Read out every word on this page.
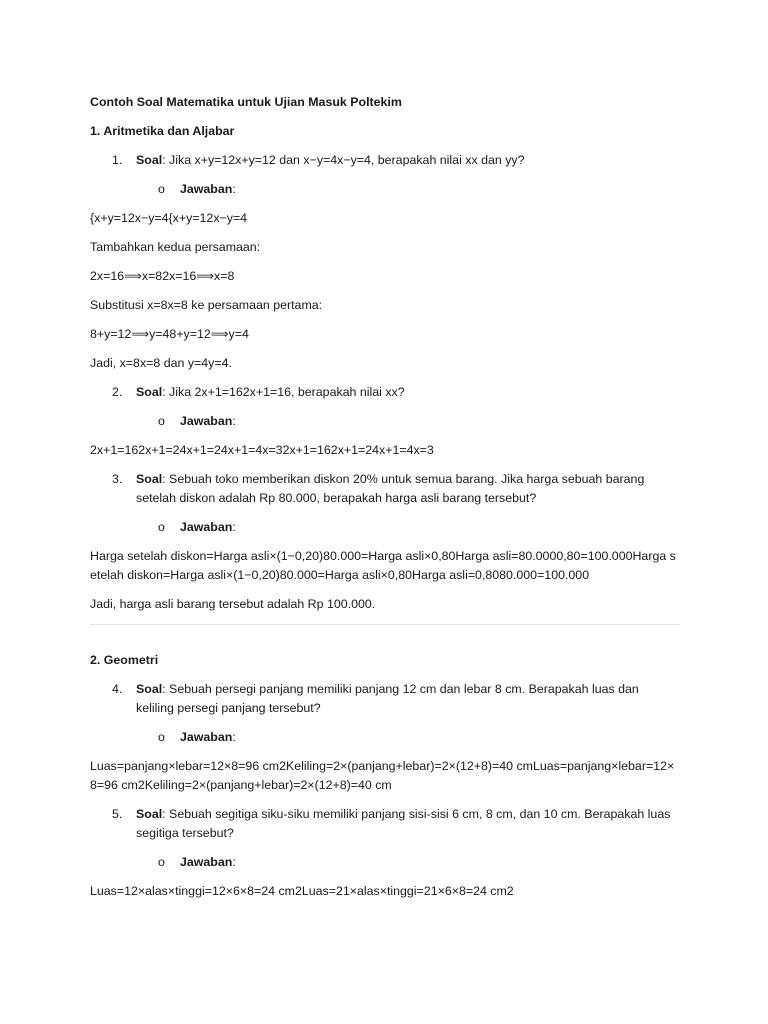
Contoh Soal Matematika untuk Ujian Masuk Poltekim
1. Aritmetika dan Aljabar
1. Soal: Jika x+y=12x+y=12 dan x−y=4x−y=4, berapakah nilai xx dan yy?
o Jawaban:
{x+y=12x−y=4{x+y=12x−y=4
Tambahkan kedua persamaan:
2x=16⟹x=82x=16⟹x=8
Substitusi x=8x=8 ke persamaan pertama:
8+y=12⟹y=48+y=12⟹y=4
Jadi, x=8x=8 dan y=4y=4.
2. Soal: Jika 2x+1=162x+1=16, berapakah nilai xx?
o Jawaban:
2x+1=162x+1=24x+1=24x+1=4x=32x+1=162x+1=24x+1=4x=3
3. Soal: Sebuah toko memberikan diskon 20% untuk semua barang. Jika harga sebuah barang setelah diskon adalah Rp 80.000, berapakah harga asli barang tersebut?
o Jawaban:
Harga setelah diskon=Harga asli×(1−0,20)80.000=Harga asli×0,80Harga asli=80.0000,80=100.000Harga setelah diskon=Harga asli×(1−0,20)80.000=Harga asli×0,80Harga asli=0,8080.000=100.000
Jadi, harga asli barang tersebut adalah Rp 100.000.
2. Geometri
4. Soal: Sebuah persegi panjang memiliki panjang 12 cm dan lebar 8 cm. Berapakah luas dan keliling persegi panjang tersebut?
o Jawaban:
Luas=panjang×lebar=12×8=96 cm2Keliling=2×(panjang+lebar)=2×(12+8)=40 cmLuas=panjang×lebar=12×8=96 cm2Keliling=2×(panjang+lebar)=2×(12+8)=40 cm
5. Soal: Sebuah segitiga siku-siku memiliki panjang sisi-sisi 6 cm, 8 cm, dan 10 cm. Berapakah luas segitiga tersebut?
o Jawaban:
Luas=12×alas×tinggi=12×6×8=24 cm2Luas=21×alas×tinggi=21×6×8=24 cm2
